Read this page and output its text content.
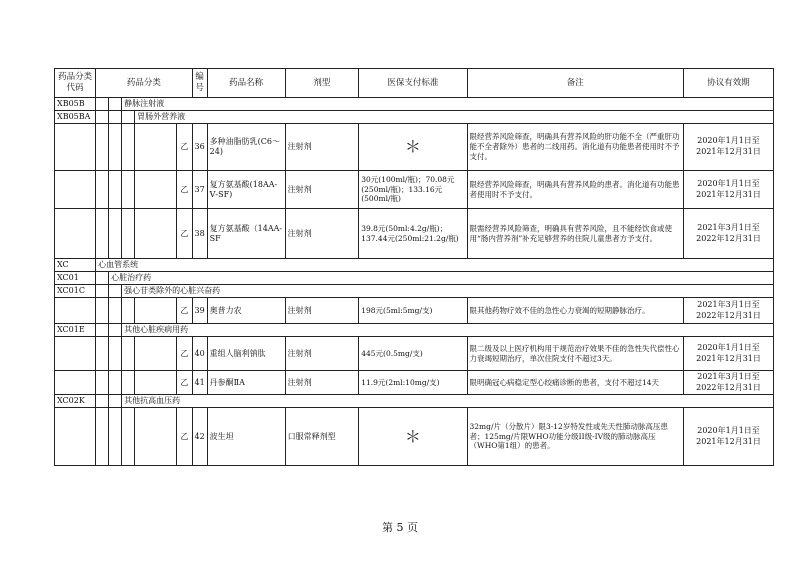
药品分类代码	药品分类					编号	药品名称	剂型	医保支付标准	备注	协议有效期
XB05B			静脉注射液								
XB05BA				胃肠外营养液							
					乙	36	多种油脂肪乳(C6～24)	注射剂	＊	限经营养风险筛查，明确具有营养风险的肝功能不全（严重肝功能不全者除外）患者的二线用药。消化道有功能患者使用时不予支付。	2020年1月1日至
2021年12月31日
					乙	37	复方氨基酸(18AA-Ⅴ-SF)	注射剂	30元(100ml/瓶)；70.08元(250ml/瓶)；133.16元(500ml/瓶)	限经营养风险筛查，明确具有营养风险的患者。消化道有功能患者使用时不予支付。	2020年1月1日至
2021年12月31日
					乙	38	复方氨基酸（14AA-SF	注射剂	39.8元(50ml:4.2g/瓶)；137.44元(250ml:21.2g/瓶)	限需经营养风险筛查，明确具有营养风险，且不能经饮食或使用“肠内营养剂”补充足够营养的住院儿童患者方予支付。	2021年3月1日至
2022年12月31日
XC	心血管系统										
XC01		心脏治疗药									
XC01C			强心苷类除外的心脏兴奋药								
					乙	39	奥普力农	注射剂	198元(5ml:5mg/支)	限其他药物疗效不佳的急性心力衰竭的短期静脉治疗。	2021年3月1日至
2022年12月31日
XC01E			其他心脏疾病用药								
					乙	40	重组人脑利钠肽	注射剂	445元(0.5mg/支)	限二级及以上医疗机构用于规范治疗效果不佳的急性失代偿性心力衰竭短期治疗，单次住院支付不超过3天。	2020年1月1日至
2021年12月31日
					乙	41	丹参酮ⅡA	注射剂	11.9元(2ml:10mg/支)	限明确冠心病稳定型心绞痛诊断的患者，支付不超过14天	2021年3月1日至
2022年12月31日
XC02K			其他抗高血压药								
					乙	42	波生坦	口服常释剂型	＊	32mg/片（分散片）限3-12岁特发性或先天性肺动脉高压患者；125mg/片限WHO功能分级II级-IV级的肺动脉高压（WHO第1组）的患者。	2020年1月1日至
2021年12月31日
第 5 页
